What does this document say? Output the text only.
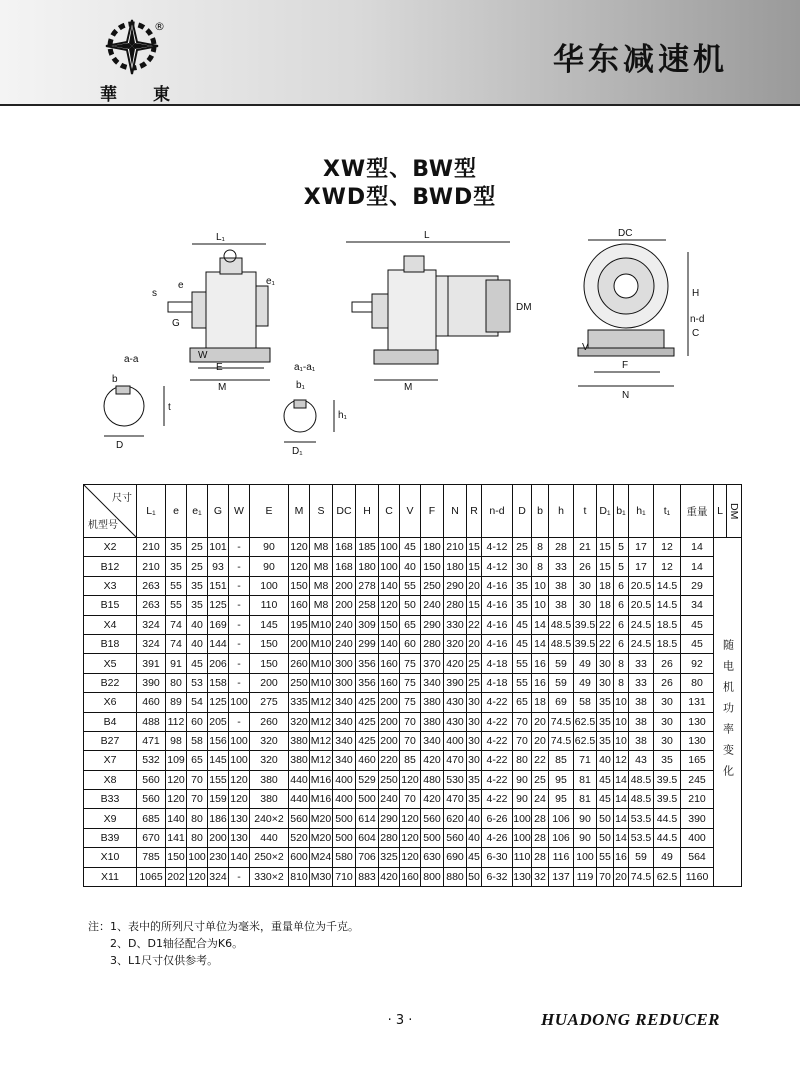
®
華 東
华东减速机
XW型、BW型
XWD型、BWD型
L₁
e	e₁
s
G
W
E
M
L
DM
M
DC
H
n-d
C
V
F
N
a-a
b
t
D
a₁-a₁
b₁
h₁
D₁
尺寸
机型号	L₁	e	e₁	G	W	E	M	S	DC	H	C	V	F	N	R	n-d	D	b	h	t	D₁	b₁	h₁	t₁	重量	L	DM
X2	210	35	25	101	-	90	120	M8	168	185	100	45	180	210	15	4-12	25	8	28	21	15	5	17	12	14	随电机功率变化	
B12	210	35	25	93	-	90	120	M8	168	180	100	40	150	180	15	4-12	30	8	33	26	15	5	17	12	14		
X3	263	55	35	151	-	100	150	M8	200	278	140	55	250	290	20	4-16	35	10	38	30	18	6	20.5	14.5	29		
B15	263	55	35	125	-	110	160	M8	200	258	120	50	240	280	15	4-16	35	10	38	30	18	6	20.5	14.5	34		
X4	324	74	40	169	-	145	195	M10	240	309	150	65	290	330	22	4-16	45	14	48.5	39.5	22	6	24.5	18.5	45		
B18	324	74	40	144	-	150	200	M10	240	299	140	60	280	320	20	4-16	45	14	48.5	39.5	22	6	24.5	18.5	45		
X5	391	91	45	206	-	150	260	M10	300	356	160	75	370	420	25	4-18	55	16	59	49	30	8	33	26	92		
B22	390	80	53	158	-	200	250	M10	300	356	160	75	340	390	25	4-18	55	16	59	49	30	8	33	26	80		
X6	460	89	54	125	100	275	335	M12	340	425	200	75	380	430	30	4-22	65	18	69	58	35	10	38	30	131		
B4	488	112	60	205	-	260	320	M12	340	425	200	70	380	430	30	4-22	70	20	74.5	62.5	35	10	38	30	130		
B27	471	98	58	156	100	320	380	M12	340	425	200	70	340	400	30	4-22	70	20	74.5	62.5	35	10	38	30	130		
X7	532	109	65	145	100	320	380	M12	340	460	220	85	420	470	30	4-22	80	22	85	71	40	12	43	35	165		
X8	560	120	70	155	120	380	440	M16	400	529	250	120	480	530	35	4-22	90	25	95	81	45	14	48.5	39.5	245		
B33	560	120	70	159	120	380	440	M16	400	500	240	70	420	470	35	4-22	90	24	95	81	45	14	48.5	39.5	210		
X9	685	140	80	186	130	240×2	560	M20	500	614	290	120	560	620	40	6-26	100	28	106	90	50	14	53.5	44.5	390		
B39	670	141	80	200	130	440	520	M20	500	604	280	120	500	560	40	4-26	100	28	106	90	50	14	53.5	44.5	400		
X10	785	150	100	230	140	250×2	600	M24	580	706	325	120	630	690	45	6-30	110	28	116	100	55	16	59	49	564		
X11	1065	202	120	324	-	330×2	810	M30	710	883	420	160	800	880	50	6-32	130	32	137	119	70	20	74.5	62.5	1160		
注：1、表中的所列尺寸单位为毫米，重量单位为千克。
2、D、D1轴径配合为K6。
3、L1尺寸仅供参考。
· 3 ·	HUADONG REDUCER
